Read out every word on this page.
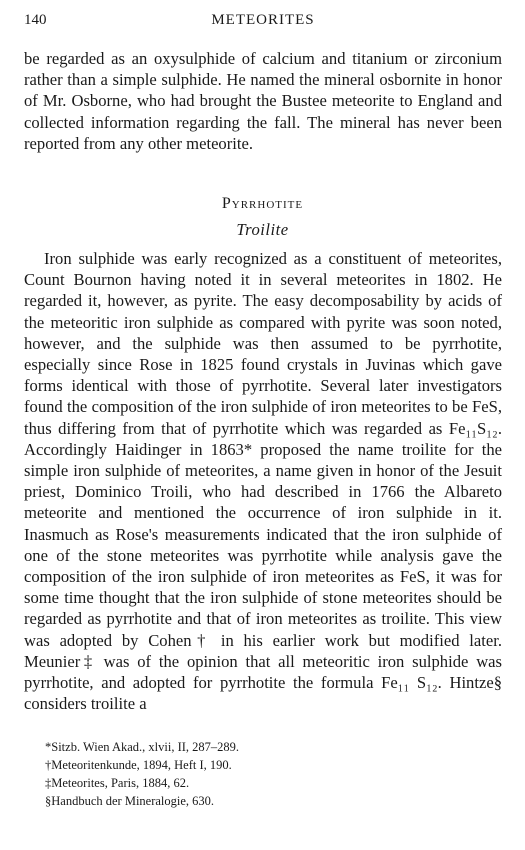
140	METEORITES

be regarded as an oxysulphide of calcium and titanium or zirconium rather than a simple sulphide. He named the mineral osbornite in honor of Mr. Osborne, who had brought the Bustee meteorite to England and collected information regarding the fall. The mineral has never been reported from any other meteorite.

Pyrrhotite
Troilite

Iron sulphide was early recognized as a constituent of meteorites, Count Bournon having noted it in several meteorites in 1802. He regarded it, however, as pyrite. The easy decomposability by acids of the meteoritic iron sulphide as compared with pyrite was soon noted, however, and the sulphide was then assumed to be pyrrhotite, especially since Rose in 1825 found crystals in Juvinas which gave forms identical with those of pyrrhotite. Several later investigators found the composition of the iron sulphide of iron meteorites to be FeS, thus differing from that of pyrrhotite which was regarded as Fe₁₁S₁₂. Accordingly Haidinger in 1863* proposed the name troilite for the simple iron sulphide of meteorites, a name given in honor of the Jesuit priest, Dominico Troili, who had described in 1766 the Albareto meteorite and mentioned the occurrence of iron sulphide in it. Inasmuch as Rose's measurements indicated that the iron sulphide of one of the stone meteorites was pyrrhotite while analysis gave the composition of the iron sulphide of iron meteorites as FeS, it was for some time thought that the iron sulphide of stone meteorites should be regarded as pyrrhotite and that of iron meteorites as troilite. This view was adopted by Cohen† in his earlier work but modified later. Meunier‡ was of the opinion that all meteoritic iron sulphide was pyrrhotite, and adopted for pyrrhotite the formula Fe₁₁ S₁₂. Hintze§ considers troilite a

*Sitzb. Wien Akad., xlvii, II, 287–289.
†Meteoritenkunde, 1894, Heft I, 190.
‡Meteorites, Paris, 1884, 62.
§Handbuch der Mineralogie, 630.
